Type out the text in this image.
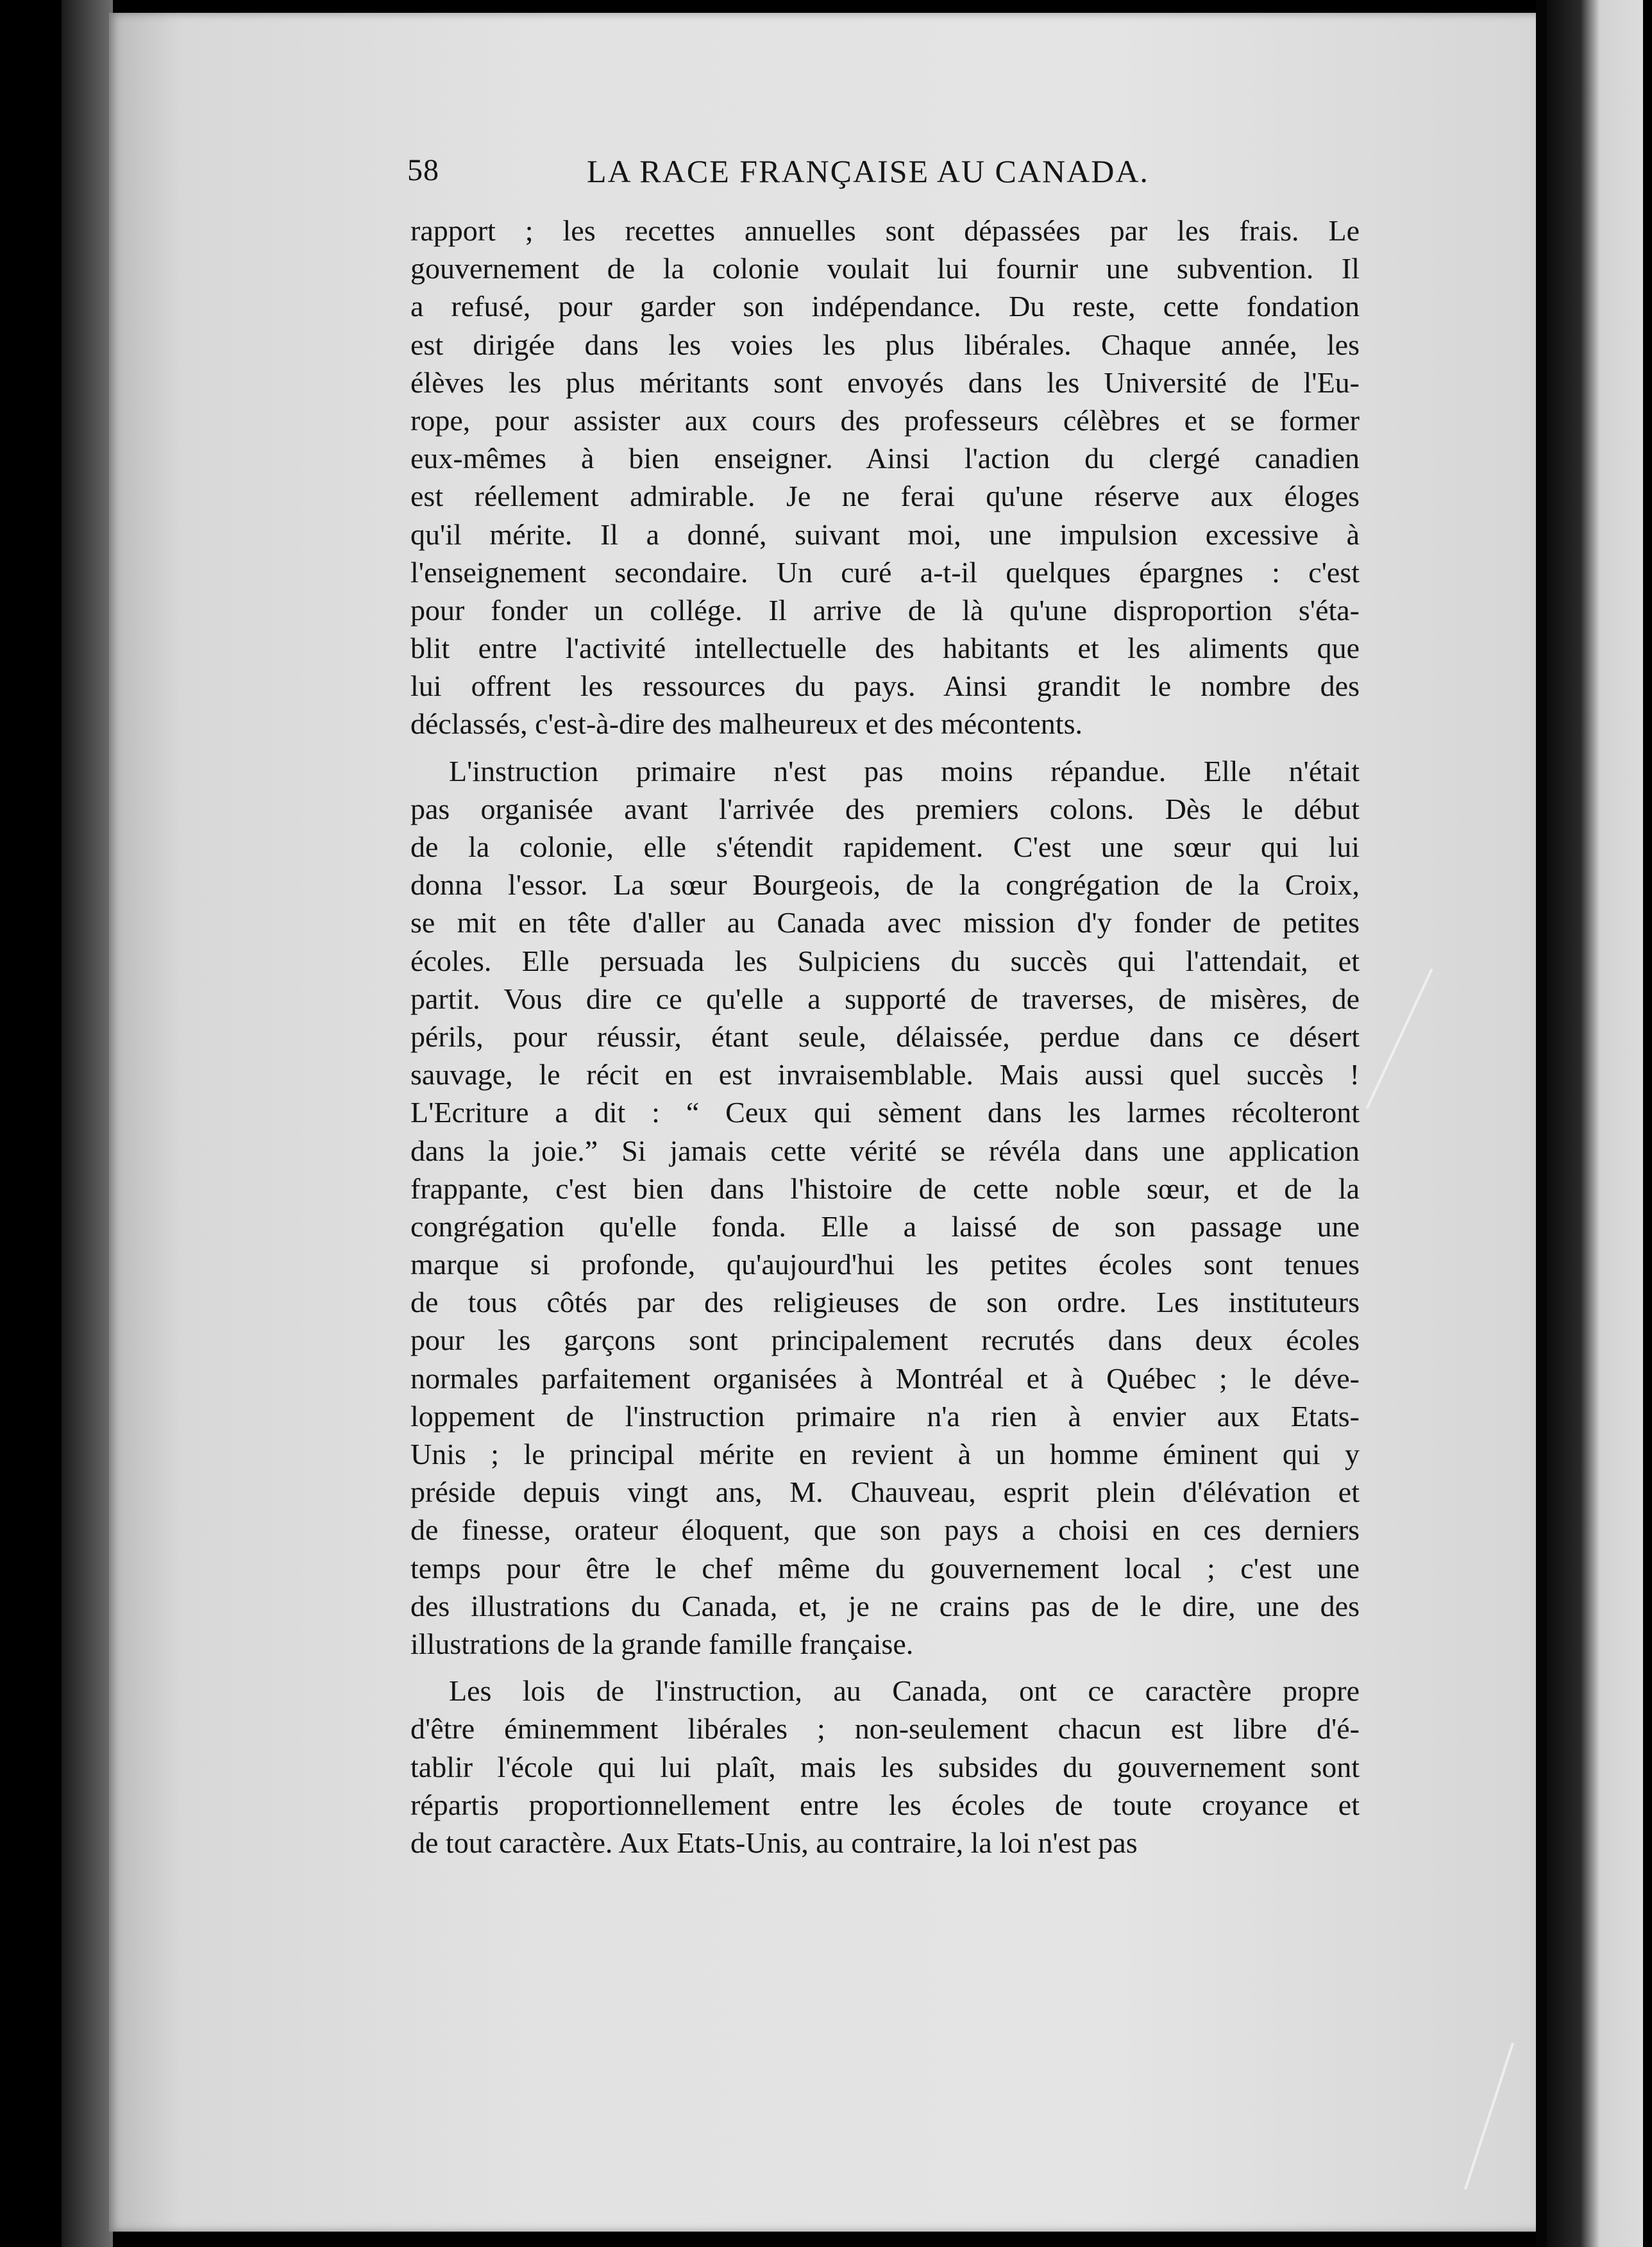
58	LA RACE FRANÇAISE AU CANADA.
rapport ; les recettes annuelles sont dépassées par les frais. Le
gouvernement de la colonie voulait lui fournir une subvention. Il
a refusé, pour garder son indépendance. Du reste, cette fondation
est dirigée dans les voies les plus libérales. Chaque année, les
élèves les plus méritants sont envoyés dans les Université de l'Eu-
rope, pour assister aux cours des professeurs célèbres et se former
eux-mêmes à bien enseigner. Ainsi l'action du clergé canadien
est réellement admirable. Je ne ferai qu'une réserve aux éloges
qu'il mérite. Il a donné, suivant moi, une impulsion excessive à
l'enseignement secondaire. Un curé a-t-il quelques épargnes : c'est
pour fonder un collége. Il arrive de là qu'une disproportion s'éta-
blit entre l'activité intellectuelle des habitants et les aliments que
lui offrent les ressources du pays. Ainsi grandit le nombre des
déclassés, c'est-à-dire des malheureux et des mécontents.
L'instruction primaire n'est pas moins répandue. Elle n'était
pas organisée avant l'arrivée des premiers colons. Dès le début
de la colonie, elle s'étendit rapidement. C'est une sœur qui lui
donna l'essor. La sœur Bourgeois, de la congrégation de la Croix,
se mit en tête d'aller au Canada avec mission d'y fonder de petites
écoles. Elle persuada les Sulpiciens du succès qui l'attendait, et
partit. Vous dire ce qu'elle a supporté de traverses, de misères, de
périls, pour réussir, étant seule, délaissée, perdue dans ce désert
sauvage, le récit en est invraisemblable. Mais aussi quel succès !
L'Ecriture a dit : “ Ceux qui sèment dans les larmes récolteront
dans la joie.” Si jamais cette vérité se révéla dans une application
frappante, c'est bien dans l'histoire de cette noble sœur, et de la
congrégation qu'elle fonda. Elle a laissé de son passage une
marque si profonde, qu'aujourd'hui les petites écoles sont tenues
de tous côtés par des religieuses de son ordre. Les instituteurs
pour les garçons sont principalement recrutés dans deux écoles
normales parfaitement organisées à Montréal et à Québec ; le déve-
loppement de l'instruction primaire n'a rien à envier aux Etats-
Unis ; le principal mérite en revient à un homme éminent qui y
préside depuis vingt ans, M. Chauveau, esprit plein d'élévation et
de finesse, orateur éloquent, que son pays a choisi en ces derniers
temps pour être le chef même du gouvernement local ; c'est une
des illustrations du Canada, et, je ne crains pas de le dire, une des
illustrations de la grande famille française.
Les lois de l'instruction, au Canada, ont ce caractère propre
d'être éminemment libérales ; non-seulement chacun est libre d'é-
tablir l'école qui lui plaît, mais les subsides du gouvernement sont
répartis proportionnellement entre les écoles de toute croyance et
de tout caractère. Aux Etats-Unis, au contraire, la loi n'est pas
